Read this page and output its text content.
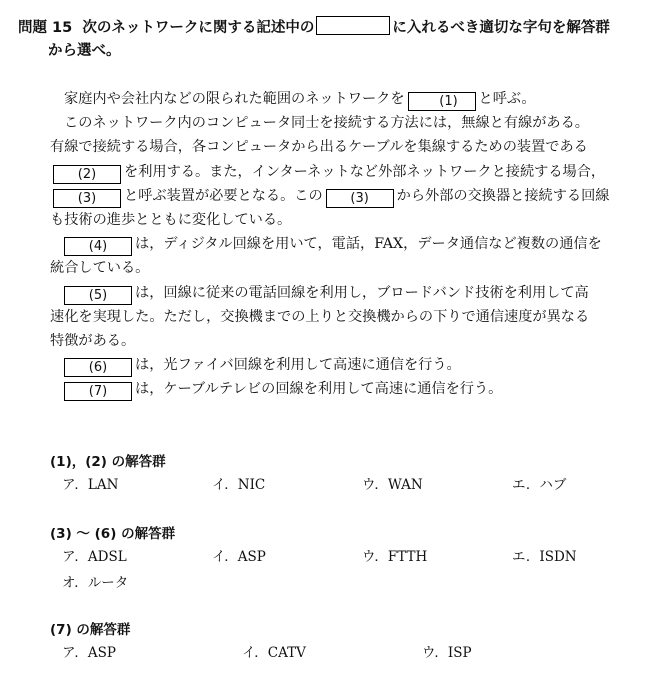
問題 15 次のネットワークに関する記述中の	に入れるべき適切な字句を解答群
から選べ。

家庭内や会社内などの限られた範囲のネットワークを	(1) と呼ぶ。

このネットワーク内のコンピュータ同士を接続する方法には，無線と有線がある。

有線で接続する場合，各コンピュータから出るケーブルを集線するための装置である

(2) を利用する。また，インターネットなど外部ネットワークと接続する場合，

(3) と呼ぶ装置が必要となる。この (3) から外部の交換器と接続する回線

も技術の進歩とともに変化している。

(4) は，ディジタル回線を用いて，電話，FAX，データ通信など複数の通信を

統合している。

(5) は，回線に従来の電話回線を利用し，ブロードバンド技術を利用して高

速化を実現した。ただし，交換機までの上りと交換機からの下りで通信速度が異なる

特徴がある。

(6) は，光ファイバ回線を利用して高速に通信を行う。

(7) は，ケーブルテレビの回線を利用して高速に通信を行う。

(1)，(2) の解答群
ア．LAN	イ．NIC	ウ．WAN	エ．ハブ
(3) ～ (6) の解答群
ア．ADSL	イ．ASP	ウ．FTTH	エ．ISDN
オ．ルータ
(7) の解答群
ア．ASP	イ．CATV	ウ．ISP
